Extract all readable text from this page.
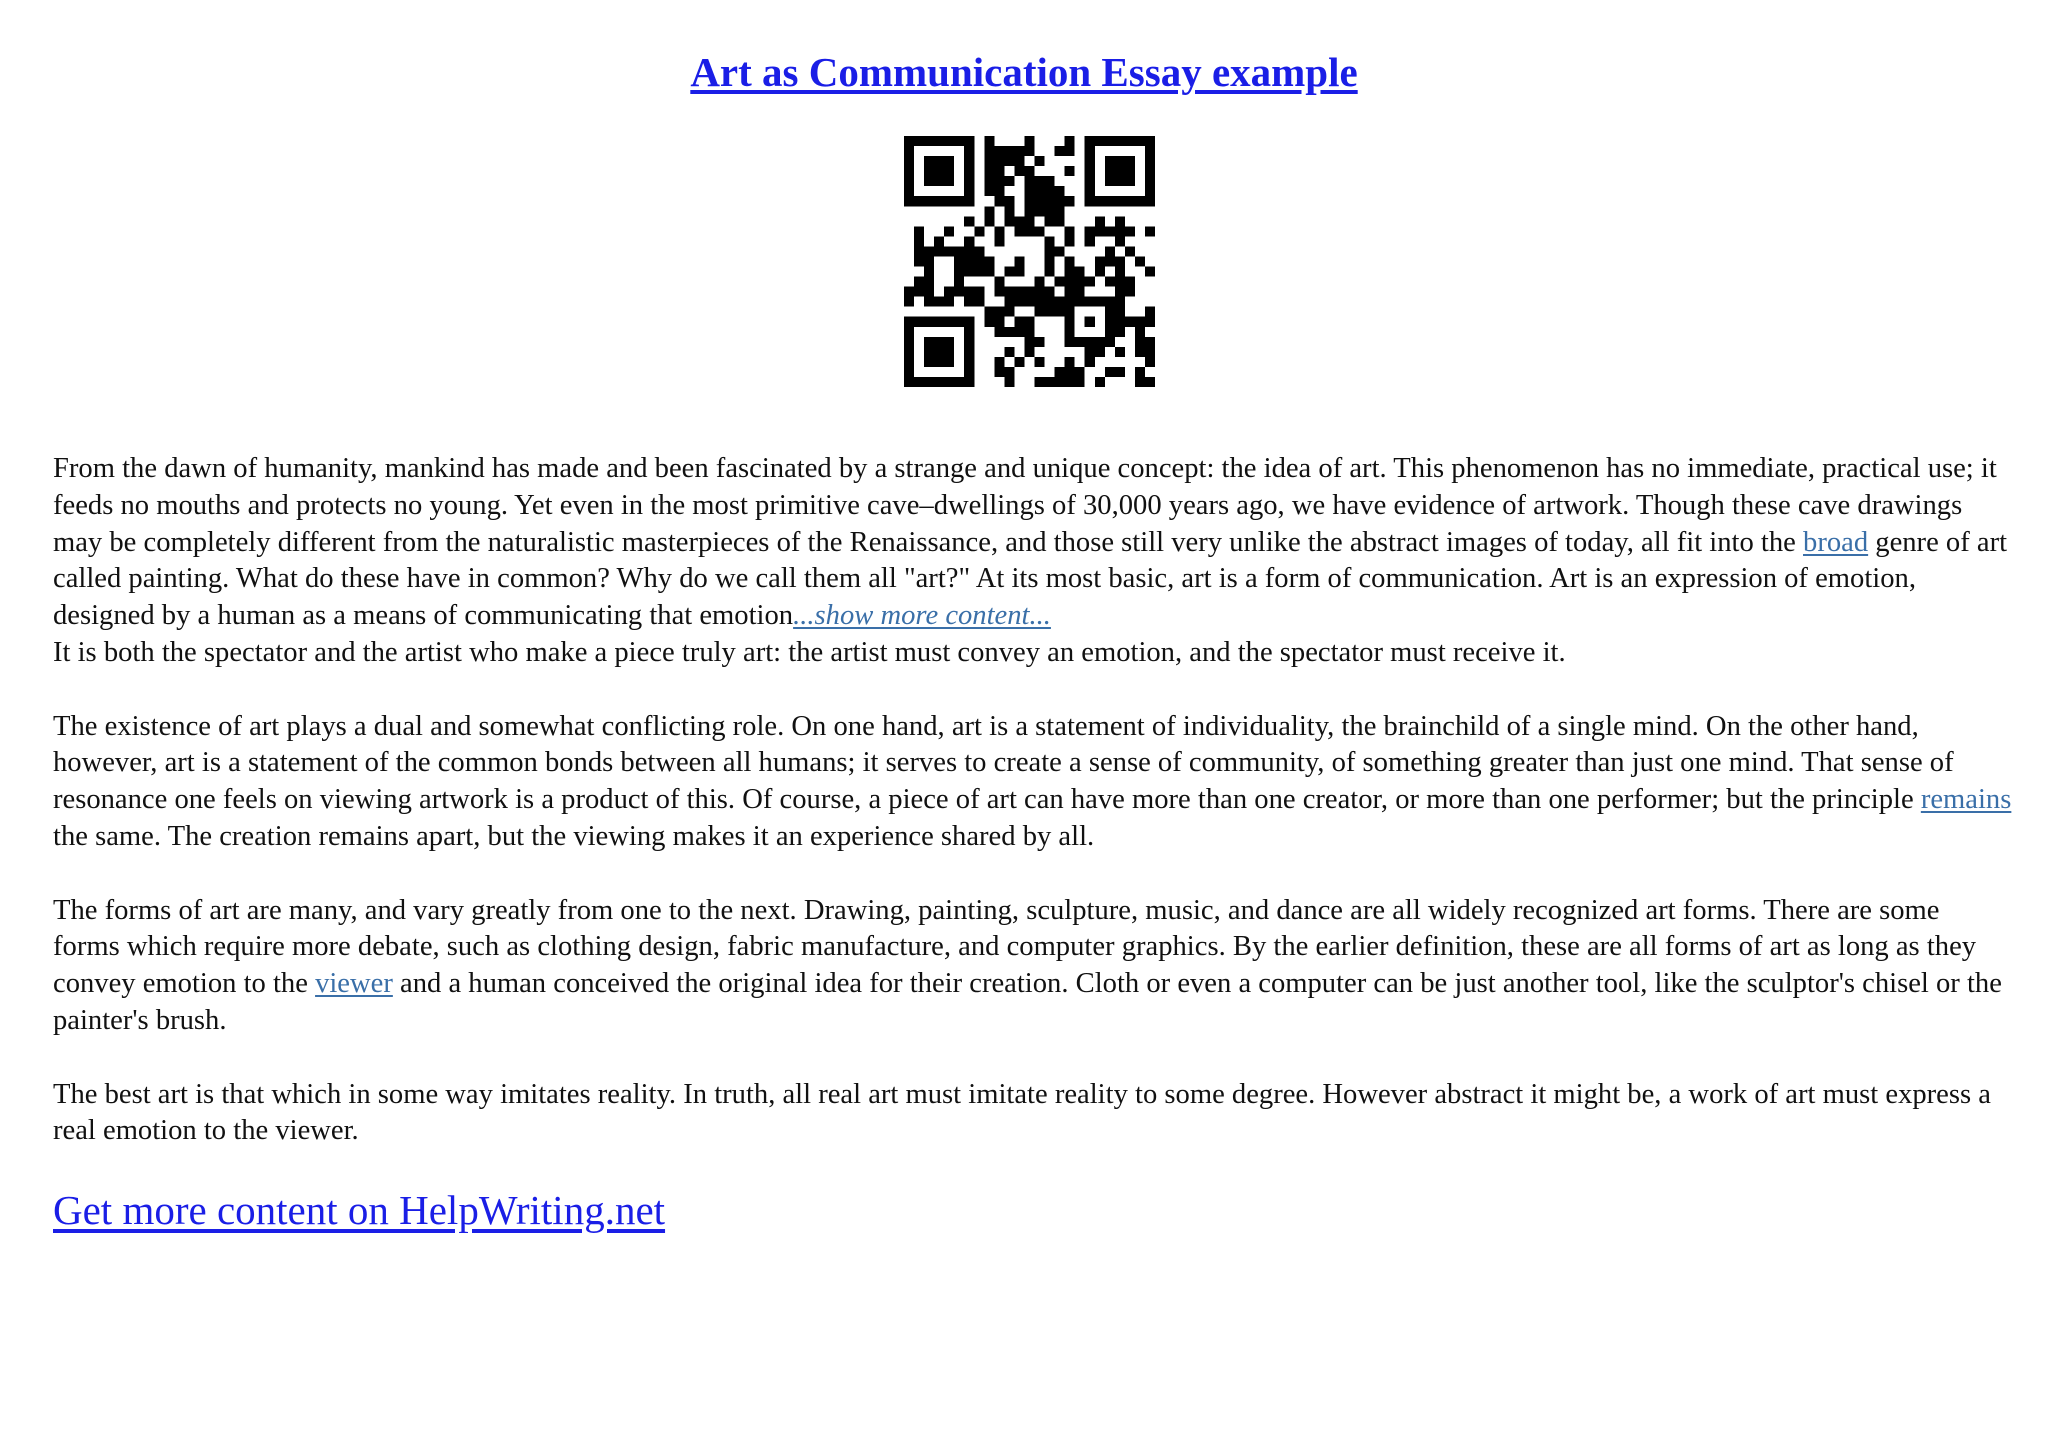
Art as Communication Essay example

From the dawn of humanity, mankind has made and been fascinated by a strange and unique concept: the idea of art. This phenomenon has no immediate, practical use; it feeds no mouths and protects no young. Yet even in the most primitive cave–dwellings of 30,000 years ago, we have evidence of artwork. Though these cave drawings may be completely different from the naturalistic masterpieces of the Renaissance, and those still very unlike the abstract images of today, all fit into the broad genre of art called painting. What do these have in common? Why do we call them all "art?" At its most basic, art is a form of communication. Art is an expression of emotion, designed by a human as a means of communicating that emotion...show more content...
It is both the spectator and the artist who make a piece truly art: the artist must convey an emotion, and the spectator must receive it.

The existence of art plays a dual and somewhat conflicting role. On one hand, art is a statement of individuality, the brainchild of a single mind. On the other hand, however, art is a statement of the common bonds between all humans; it serves to create a sense of community, of something greater than just one mind. That sense of resonance one feels on viewing artwork is a product of this. Of course, a piece of art can have more than one creator, or more than one performer; but the principle remains the same. The creation remains apart, but the viewing makes it an experience shared by all.

The forms of art are many, and vary greatly from one to the next. Drawing, painting, sculpture, music, and dance are all widely recognized art forms. There are some forms which require more debate, such as clothing design, fabric manufacture, and computer graphics. By the earlier definition, these are all forms of art as long as they convey emotion to the viewer and a human conceived the original idea for their creation. Cloth or even a computer can be just another tool, like the sculptor's chisel or the painter's brush.

The best art is that which in some way imitates reality. In truth, all real art must imitate reality to some degree. However abstract it might be, a work of art must express a real emotion to the viewer.

Get more content on HelpWriting.net
